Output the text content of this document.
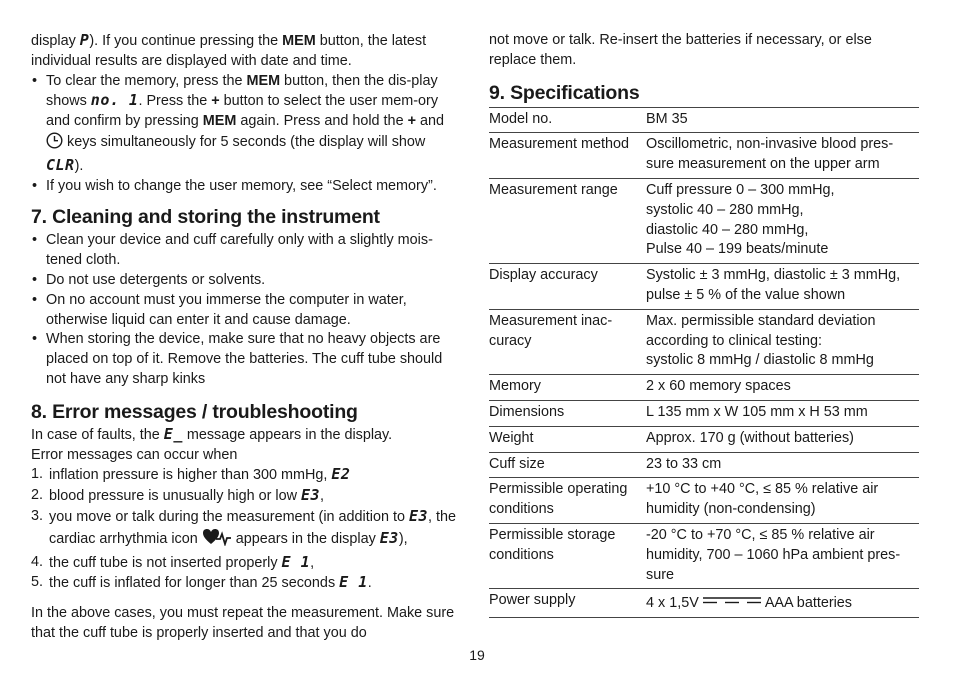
display P). If you continue pressing the MEM button, the latest individual results are displayed with date and time.

• To clear the memory, press the MEM button, then the dis-play shows no. 1. Press the + button to select the user mem-ory and confirm by pressing MEM again. Press and hold the + and  keys simultaneously for 5 seconds (the display will show CLR).

• If you wish to change the user memory, see “Select memory”.

7. Cleaning and storing the instrument

• Clean your device and cuff carefully only with a slightly mois-tened cloth.

• Do not use detergents or solvents.

• On no account must you immerse the computer in water, otherwise liquid can enter it and cause damage.

• When storing the device, make sure that no heavy objects are placed on top of it. Remove the batteries. The cuff tube should not have any sharp kinks

8. Error messages / troubleshooting

In case of faults, the E_ message appears in the display.

Error messages can occur when

1. inflation pressure is higher than 300 mmHg, E2

2. blood pressure is unusually high or low E3,

3. you move or talk during the measurement (in addition to E3, the cardiac arrhythmia icon  appears in the display E3),

4. the cuff tube is not inserted properly E 1,

5. the cuff is inflated for longer than 25 seconds E 1.

In the above cases, you must repeat the measurement. Make sure that the cuff tube is properly inserted and that you do

not move or talk. Re-insert the batteries if necessary, or else replace them.

9. Specifications
Model no.	BM 35
Measurement method	Oscillometric, non-invasive blood pres-sure measurement on the upper arm
Measurement range	Cuff pressure 0 – 300 mmHg,
systolic 40 – 280 mmHg,
diastolic 40 – 280 mmHg,
Pulse 40 – 199 beats/minute
Display accuracy	Systolic ± 3 mmHg, diastolic ± 3 mmHg, pulse ± 5 % of the value shown
Measurement inac-curacy	Max. permissible standard deviation according to clinical testing:
systolic 8 mmHg / diastolic 8 mmHg
Memory	2 x 60 memory spaces
Dimensions	L 135 mm x W 105 mm x H 53 mm
Weight	Approx. 170 g (without batteries)
Cuff size	23 to 33 cm
Permissible operating conditions	+10 °C to +40 °C, ≤ 85 % relative air humidity (non-condensing)
Permissible storage conditions	-20 °C to +70 °C, ≤ 85 % relative air humidity, 700 – 1060 hPa ambient pres-sure
Power supply	4 x 1,5V AAA batteries
19
